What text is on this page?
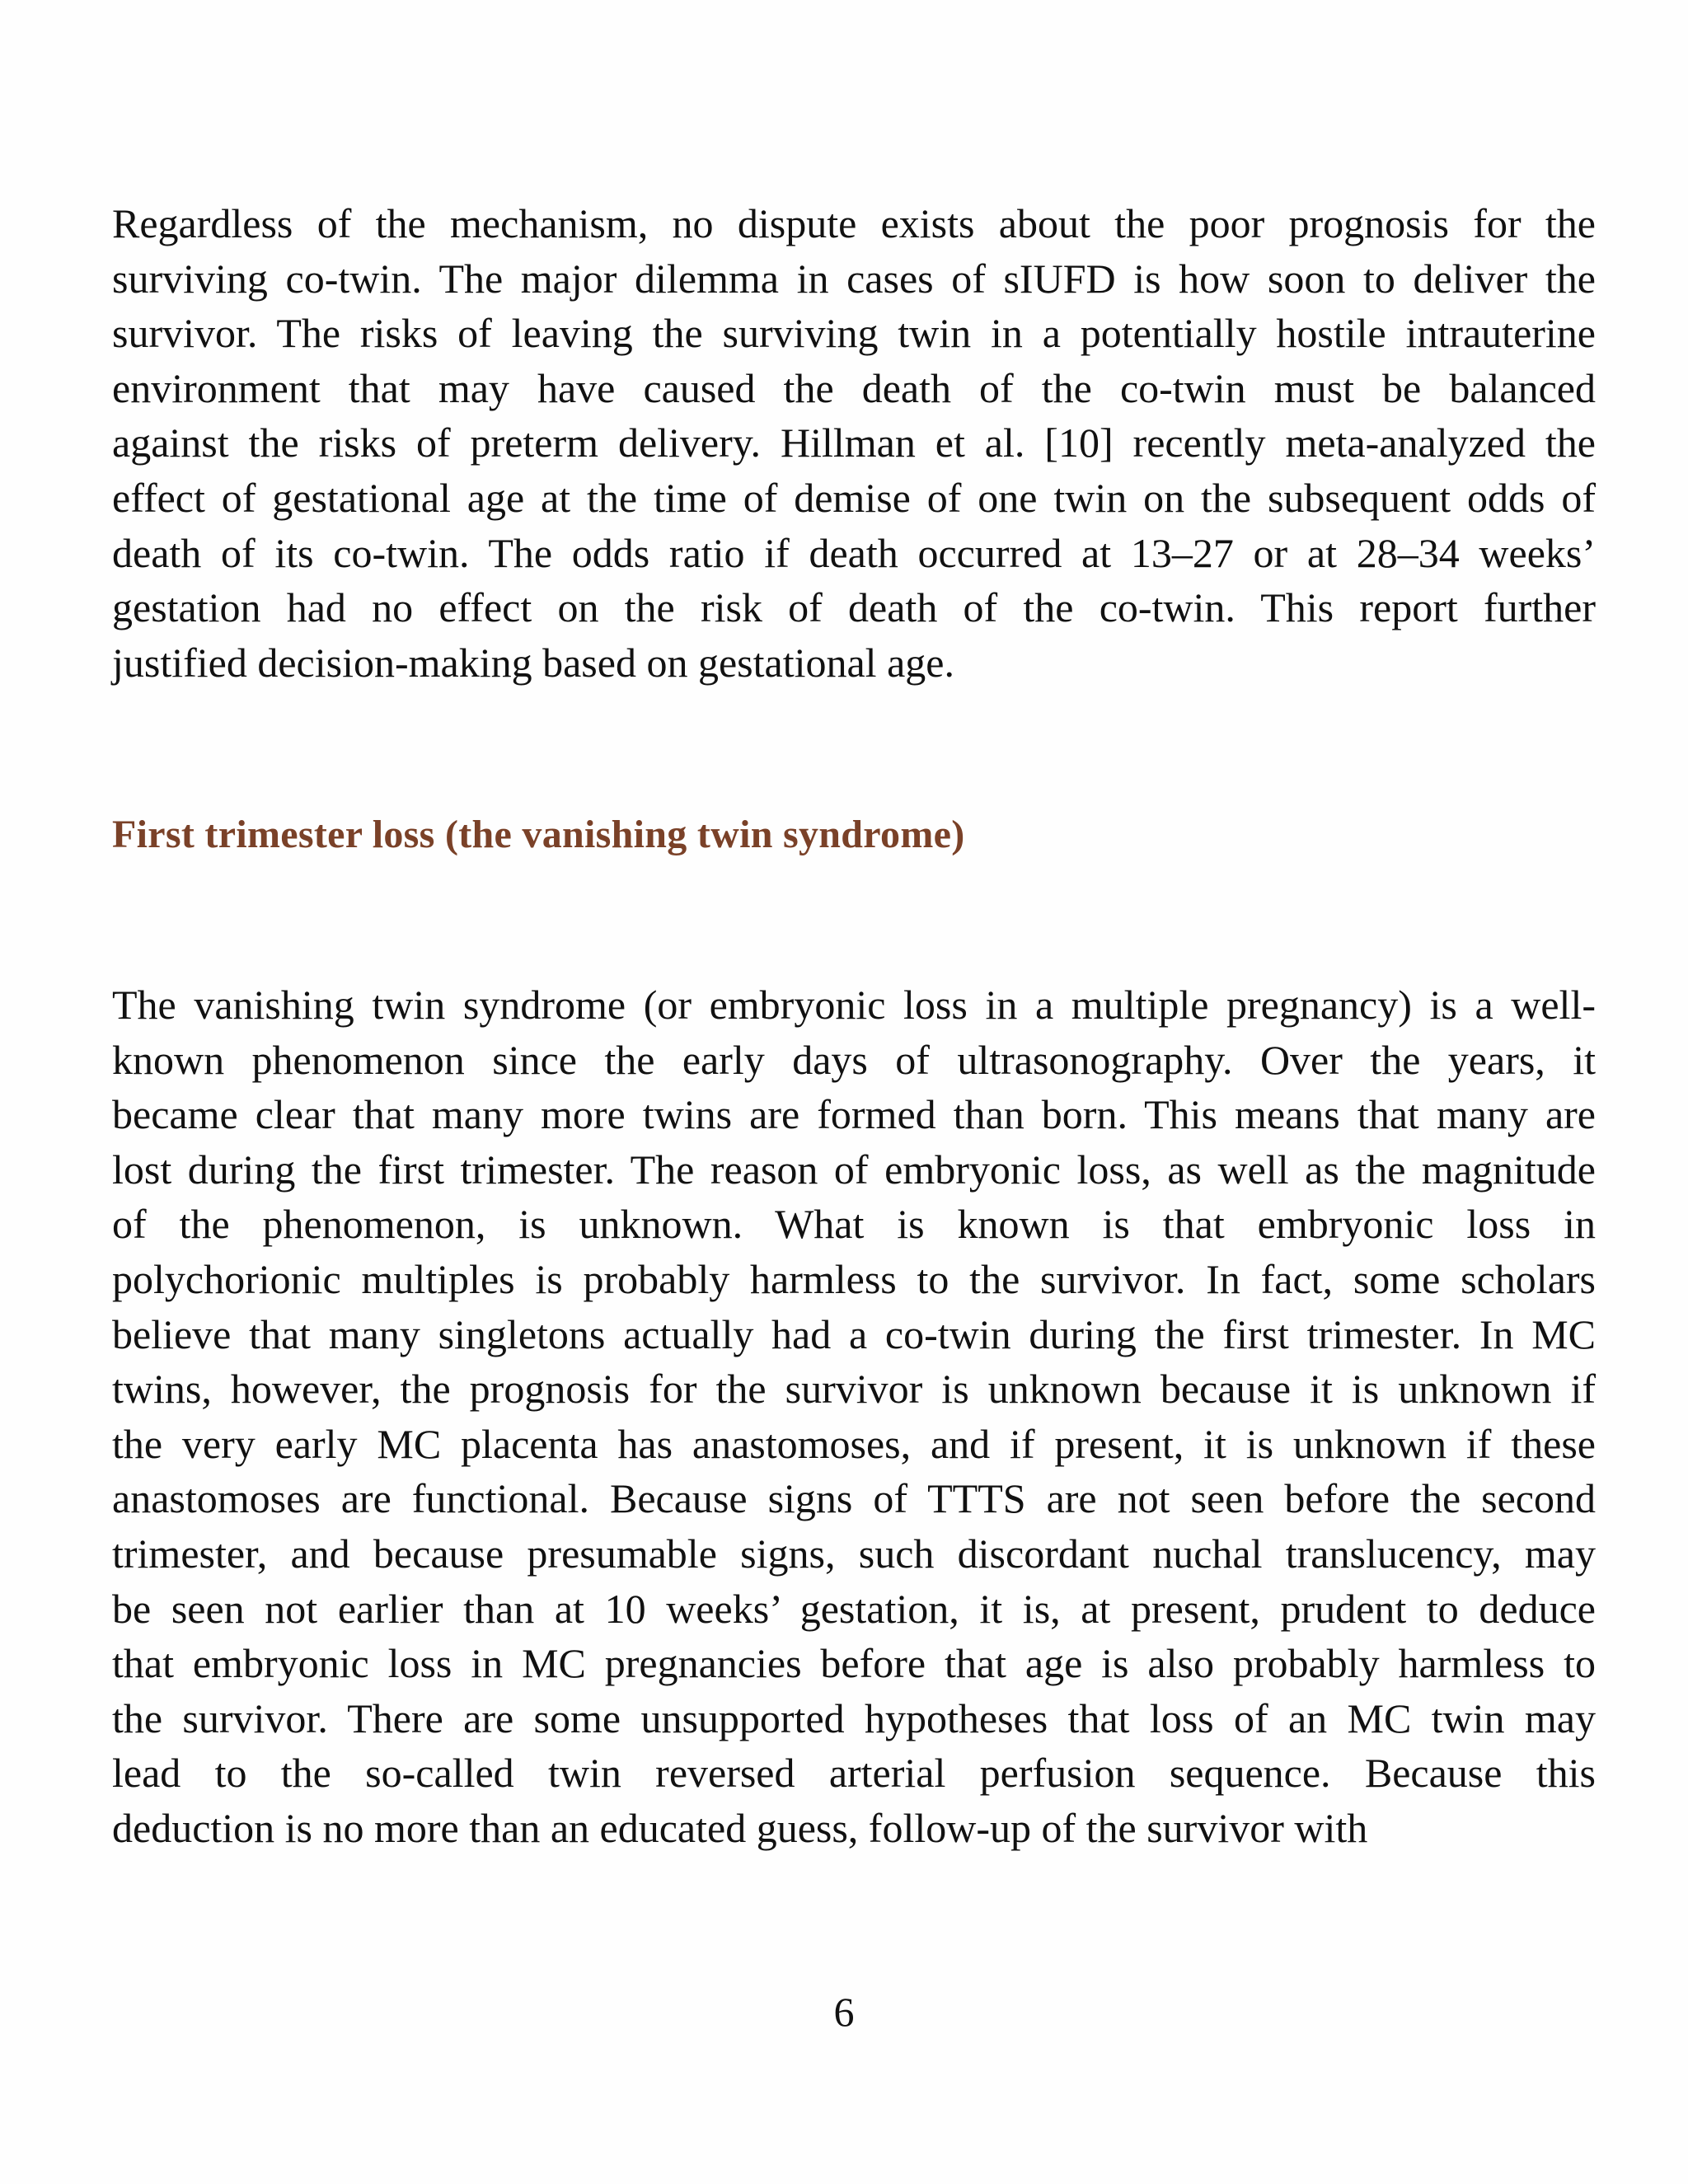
Regardless of the mechanism, no dispute exists about the poor prognosis for the
surviving co-twin. The major dilemma in cases of sIUFD is how soon to deliver the
survivor. The risks of leaving the surviving twin in a potentially hostile intrauterine
environment that may have caused the death of the co-twin must be balanced
against the risks of preterm delivery. Hillman et al. [10] recently meta-analyzed the
effect of gestational age at the time of demise of one twin on the subsequent odds of
death of its co-twin. The odds ratio if death occurred at 13–27 or at 28–34 weeks’
gestation had no effect on the risk of death of the co-twin. This report further
justified decision-making based on gestational age.
First trimester loss (the vanishing twin syndrome)
The vanishing twin syndrome (or embryonic loss in a multiple pregnancy) is a well-
known phenomenon since the early days of ultrasonography. Over the years, it
became clear that many more twins are formed than born. This means that many are
lost during the first trimester. The reason of embryonic loss, as well as the magnitude
of the phenomenon, is unknown. What is known is that embryonic loss in
polychorionic multiples is probably harmless to the survivor. In fact, some scholars
believe that many singletons actually had a co-twin during the first trimester. In MC
twins, however, the prognosis for the survivor is unknown because it is unknown if
the very early MC placenta has anastomoses, and if present, it is unknown if these
anastomoses are functional. Because signs of TTTS are not seen before the second
trimester, and because presumable signs, such discordant nuchal translucency, may
be seen not earlier than at 10 weeks’ gestation, it is, at present, prudent to deduce
that embryonic loss in MC pregnancies before that age is also probably harmless to
the survivor. There are some unsupported hypotheses that loss of an MC twin may
lead to the so-called twin reversed arterial perfusion sequence. Because this
deduction is no more than an educated guess, follow-up of the survivor with
6
